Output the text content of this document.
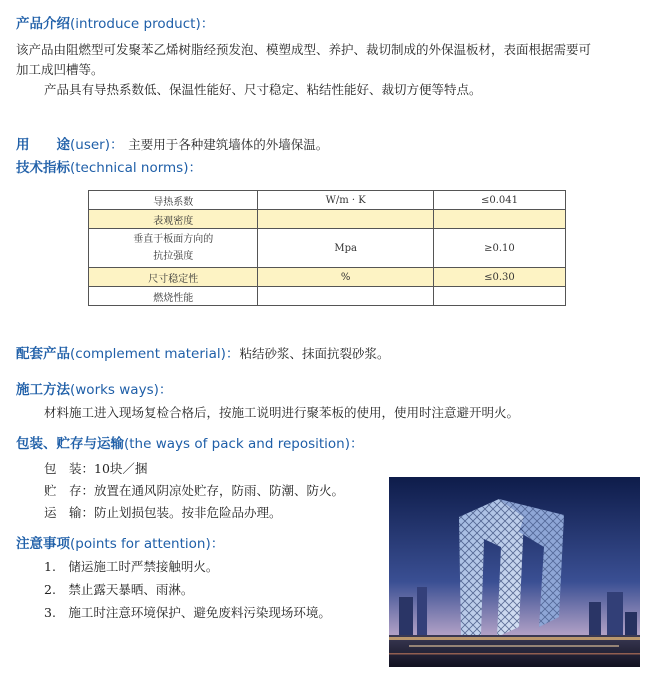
产品介绍(introduce product)：
该产品由阻燃型可发聚苯乙烯树脂经预发泡、模塑成型、养护、裁切制成的外保温板材，表面根据需要可
加工成凹槽等。
产品具有导热系数低、保温性能好、尺寸稳定、粘结性能好、裁切方便等特点。
用　　途(user)： 主要用于各种建筑墙体的外墙保温。
技术指标(technical norms)：
导热系数	W/m · K	≤0.041
表观密度		

垂直于板面方向的
抗拉强度	Mpa	≥0.10
尺寸稳定性	%	≤0.30
燃烧性能		
配套产品(complement material)：粘结砂浆、抹面抗裂砂浆。
施工方法(works ways)：
材料施工进入现场复检合格后，按施工说明进行聚苯板的使用，使用时注意避开明火。
包装、贮存与运输(the ways of pack and reposition)：
包　装：10块／捆
贮　存：放置在通风阴凉处贮存，防雨、防潮、防火。
运　输：防止划损包装。按非危险品办理。
注意事项(points for attention)：
1.　储运施工时严禁接触明火。
2.　禁止露天暴晒、雨淋。
3.　施工时注意环境保护、避免废料污染现场环境。
